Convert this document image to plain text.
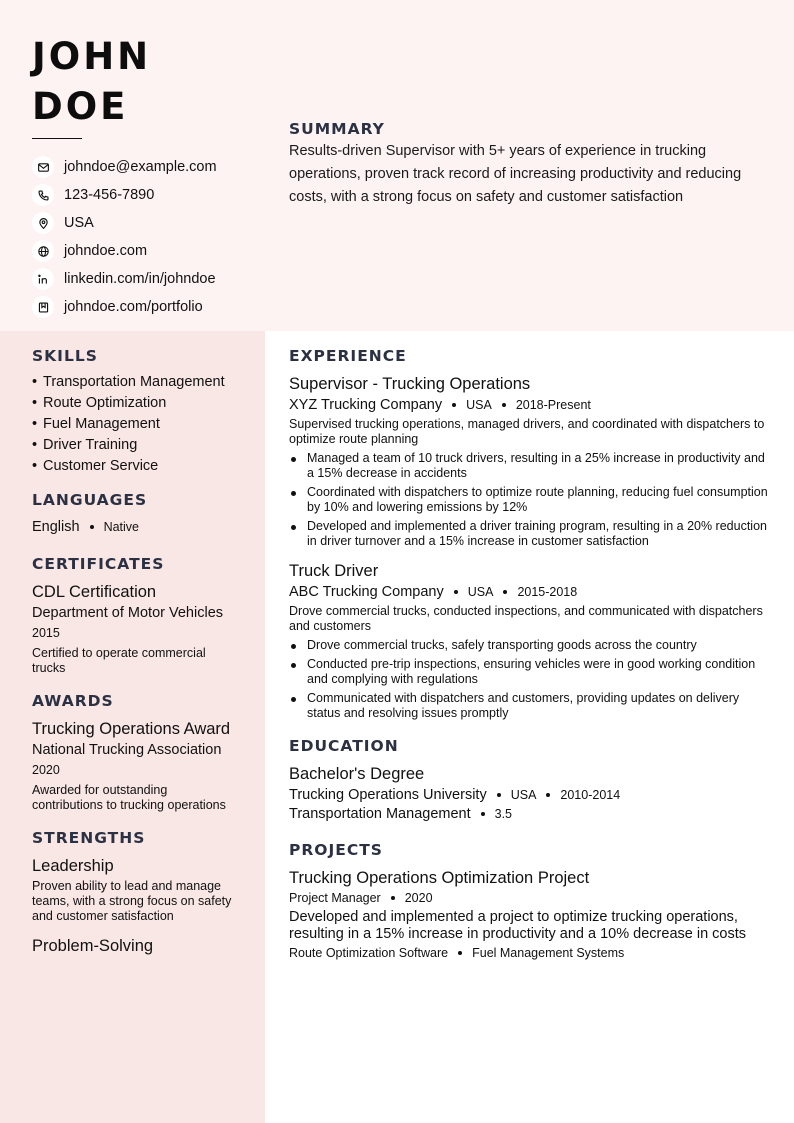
JOHN
DOE
johndoe@example.com
123-456-7890
USA
johndoe.com
linkedin.com/in/johndoe
johndoe.com/portfolio
SUMMARY
Results-driven Supervisor with 5+ years of experience in trucking operations, proven track record of increasing productivity and reducing costs, with a strong focus on safety and customer satisfaction
SKILLS
• Transportation Management
• Route Optimization
• Fuel Management
• Driver Training
• Customer Service
LANGUAGES
English Native
CERTIFICATES
CDL Certification
Department of Motor Vehicles
2015
Certified to operate commercial trucks
AWARDS
Trucking Operations Award
National Trucking Association
2020
Awarded for outstanding contributions to trucking operations
STRENGTHS
Leadership
Proven ability to lead and manage teams, with a strong focus on safety and customer satisfaction
Problem-Solving
EXPERIENCE
Supervisor - Trucking Operations
XYZ Trucking Company USA 2018-Present
Supervised trucking operations, managed drivers, and coordinated with dispatchers to optimize route planning
Managed a team of 10 truck drivers, resulting in a 25% increase in productivity and a 15% decrease in accidents
Coordinated with dispatchers to optimize route planning, reducing fuel consumption by 10% and lowering emissions by 12%
Developed and implemented a driver training program, resulting in a 20% reduction in driver turnover and a 15% increase in customer satisfaction
Truck Driver
ABC Trucking Company USA 2015-2018
Drove commercial trucks, conducted inspections, and communicated with dispatchers and customers
Drove commercial trucks, safely transporting goods across the country
Conducted pre-trip inspections, ensuring vehicles were in good working condition and complying with regulations
Communicated with dispatchers and customers, providing updates on delivery status and resolving issues promptly
EDUCATION
Bachelor's Degree
Trucking Operations University USA 2010-2014
Transportation Management 3.5
PROJECTS
Trucking Operations Optimization Project
Project Manager 2020
Developed and implemented a project to optimize trucking operations, resulting in a 15% increase in productivity and a 10% decrease in costs
Route Optimization Software Fuel Management Systems
